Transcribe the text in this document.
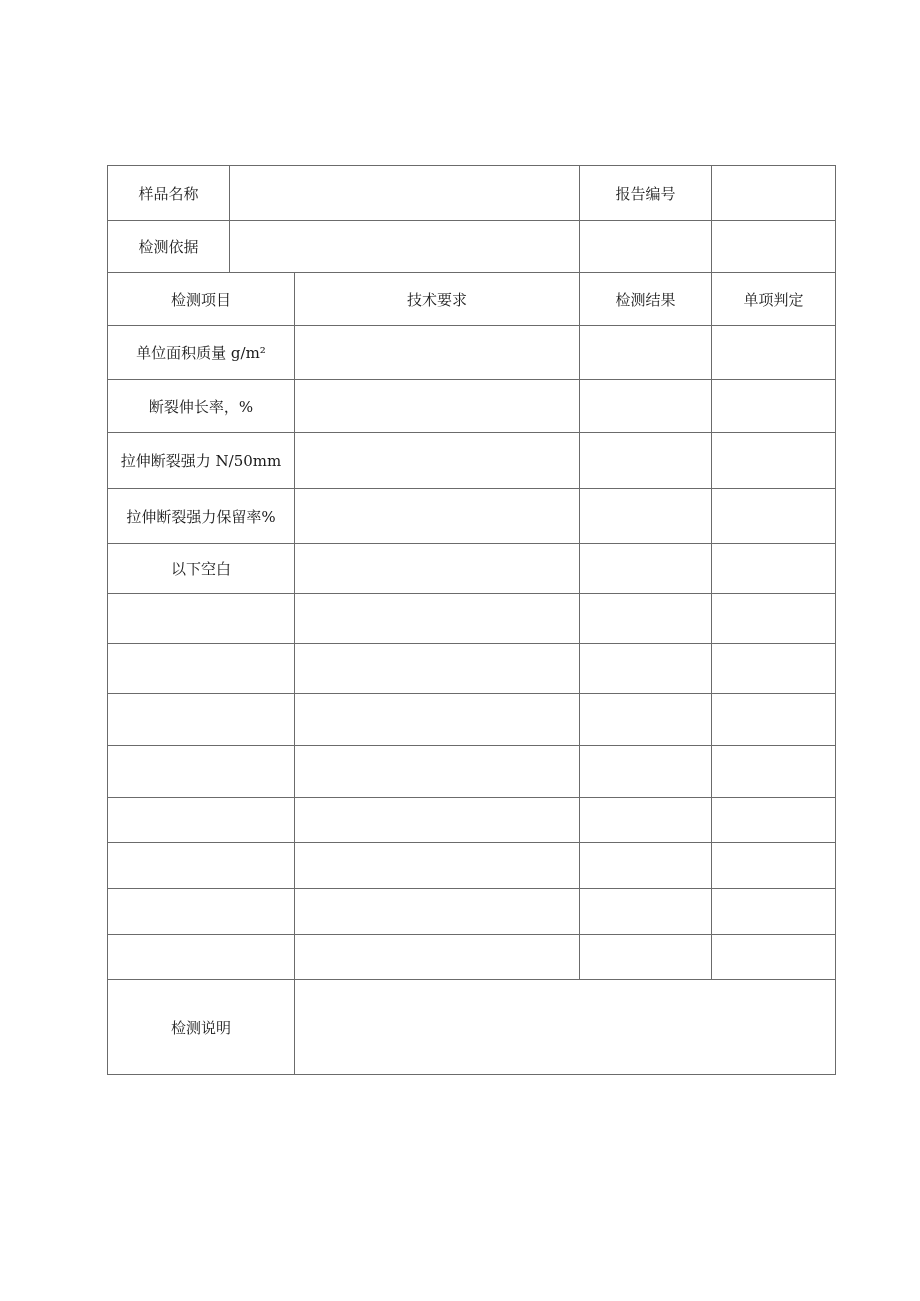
样品名称			报告编号	
检测依据				
检测项目		技术要求	检测结果	单项判定
单位面积质量 g/m²				
断裂伸长率，%				
拉伸断裂强力 N/50mm				
拉伸断裂强力保留率%				
以下空白				

检测说明				
